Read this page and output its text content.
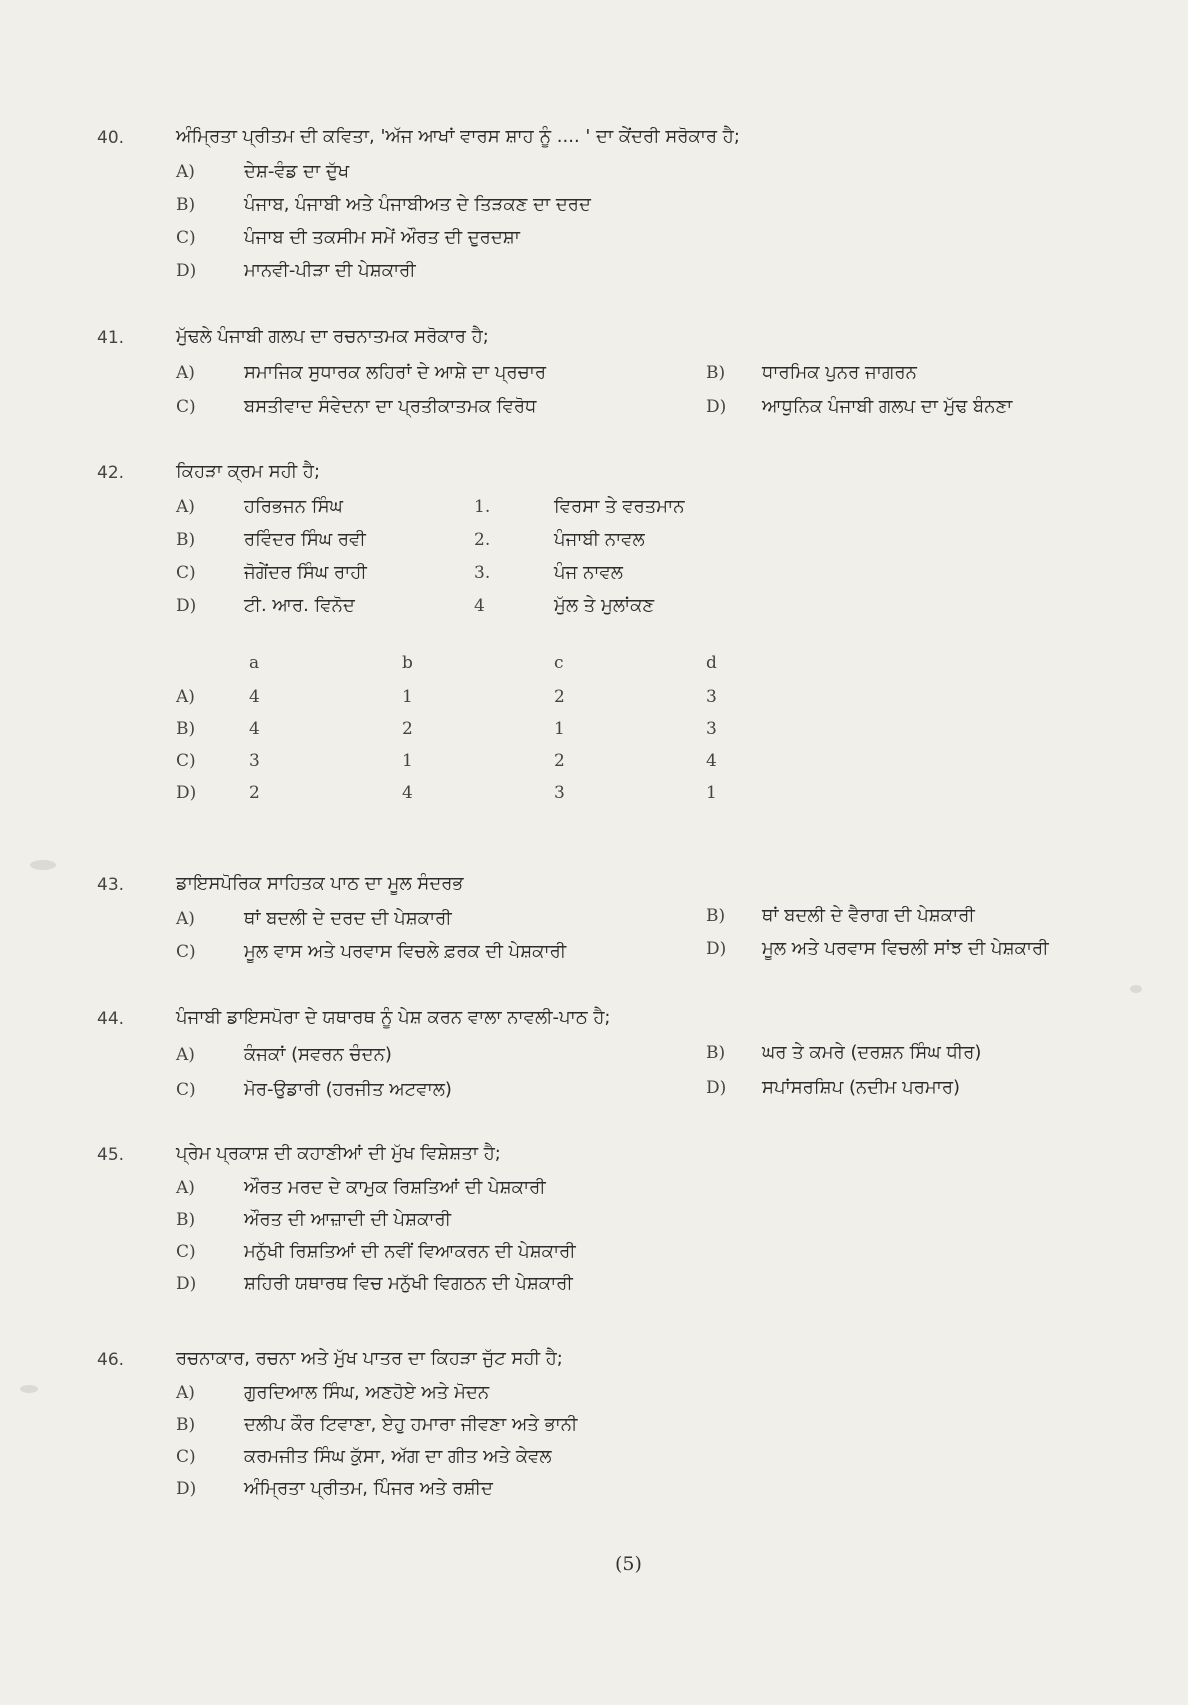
40.	ਅੰਮ੍ਰਿਤਾ ਪ੍ਰੀਤਮ ਦੀ ਕਵਿਤਾ, 'ਅੱਜ ਆਖਾਂ ਵਾਰਸ ਸ਼ਾਹ ਨੂੰ .... ' ਦਾ ਕੇਂਦਰੀ ਸਰੋਕਾਰ ਹੈ;
A)	ਦੇਸ਼-ਵੰਡ ਦਾ ਦੁੱਖ
B)	ਪੰਜਾਬ, ਪੰਜਾਬੀ ਅਤੇ ਪੰਜਾਬੀਅਤ ਦੇ ਤਿੜਕਣ ਦਾ ਦਰਦ
C)	ਪੰਜਾਬ ਦੀ ਤਕਸੀਮ ਸਮੇਂ ਔਰਤ ਦੀ ਦੁਰਦਸ਼ਾ
D)	ਮਾਨਵੀ-ਪੀੜਾ ਦੀ ਪੇਸ਼ਕਾਰੀ
41.	ਮੁੱਢਲੇ ਪੰਜਾਬੀ ਗਲਪ ਦਾ ਰਚਨਾਤਮਕ ਸਰੋਕਾਰ ਹੈ;
A)	ਸਮਾਜਿਕ ਸੁਧਾਰਕ ਲਹਿਰਾਂ ਦੇ ਆਸ਼ੇ ਦਾ ਪ੍ਰਚਾਰ	B) ਧਾਰਮਿਕ ਪੁਨਰ ਜਾਗਰਨ
C)	ਬਸਤੀਵਾਦ ਸੰਵੇਦਨਾ ਦਾ ਪ੍ਰਤੀਕਾਤਮਕ ਵਿਰੋਧ	D) ਆਧੁਨਿਕ ਪੰਜਾਬੀ ਗਲਪ ਦਾ ਮੁੱਢ ਬੰਨਣਾ
42.	ਕਿਹੜਾ ਕ੍ਰਮ ਸਹੀ ਹੈ;
A)	ਹਰਿਭਜਨ ਸਿੰਘ	1.	ਵਿਰਸਾ ਤੇ ਵਰਤਮਾਨ
B)	ਰਵਿੰਦਰ ਸਿੰਘ ਰਵੀ	2.	ਪੰਜਾਬੀ ਨਾਵਲ
C)	ਜੋਗੇਂਦਰ ਸਿੰਘ ਰਾਹੀ	3.	ਪੰਜ ਨਾਵਲ
D)	ਟੀ. ਆਰ. ਵਿਨੋਦ	4	ਮੁੱਲ ਤੇ ਮੁਲਾਂਕਣ
a	b	c	d
A)	4	1	2	3
B)	4	2	1	3
C)	3	1	2	4
D)	2	4	3	1
43.	ਡਾਇਸਪੋਰਿਕ ਸਾਹਿਤਕ ਪਾਠ ਦਾ ਮੂਲ ਸੰਦਰਭ
A)	ਥਾਂ ਬਦਲੀ ਦੇ ਦਰਦ ਦੀ ਪੇਸ਼ਕਾਰੀ	B) ਥਾਂ ਬਦਲੀ ਦੇ ਵੈਰਾਗ ਦੀ ਪੇਸ਼ਕਾਰੀ
C)	ਮੂਲ ਵਾਸ ਅਤੇ ਪਰਵਾਸ ਵਿਚਲੇ ਫ਼ਰਕ ਦੀ ਪੇਸ਼ਕਾਰੀ	D) ਮੂਲ ਅਤੇ ਪਰਵਾਸ ਵਿਚਲੀ ਸਾਂਝ ਦੀ ਪੇਸ਼ਕਾਰੀ
44.	ਪੰਜਾਬੀ ਡਾਇਸਪੋਰਾ ਦੇ ਯਥਾਰਥ ਨੂੰ ਪੇਸ਼ ਕਰਨ ਵਾਲਾ ਨਾਵਲੀ-ਪਾਠ ਹੈ;
A)	ਕੰਜਕਾਂ (ਸਵਰਨ ਚੰਦਨ)	B) ਘਰ ਤੇ ਕਮਰੇ (ਦਰਸ਼ਨ ਸਿੰਘ ਧੀਰ)
C)	ਮੋਰ-ਉਡਾਰੀ (ਹਰਜੀਤ ਅਟਵਾਲ)	D) ਸਪਾਂਸਰਸ਼ਿਪ (ਨਦੀਮ ਪਰਮਾਰ)
45.	ਪ੍ਰੇਮ ਪ੍ਰਕਾਸ਼ ਦੀ ਕਹਾਣੀਆਂ ਦੀ ਮੁੱਖ ਵਿਸ਼ੇਸ਼ਤਾ ਹੈ;
A)	ਔਰਤ ਮਰਦ ਦੇ ਕਾਮੁਕ ਰਿਸ਼ਤਿਆਂ ਦੀ ਪੇਸ਼ਕਾਰੀ
B)	ਔਰਤ ਦੀ ਆਜ਼ਾਦੀ ਦੀ ਪੇਸ਼ਕਾਰੀ
C)	ਮਨੁੱਖੀ ਰਿਸ਼ਤਿਆਂ ਦੀ ਨਵੀਂ ਵਿਆਕਰਨ ਦੀ ਪੇਸ਼ਕਾਰੀ
D)	ਸ਼ਹਿਰੀ ਯਥਾਰਥ ਵਿਚ ਮਨੁੱਖੀ ਵਿਗਠਨ ਦੀ ਪੇਸ਼ਕਾਰੀ
46.	ਰਚਨਾਕਾਰ, ਰਚਨਾ ਅਤੇ ਮੁੱਖ ਪਾਤਰ ਦਾ ਕਿਹੜਾ ਜੁੱਟ ਸਹੀ ਹੈ;
A)	ਗੁਰਦਿਆਲ ਸਿੰਘ, ਅਣਹੋਏ ਅਤੇ ਮੋਦਨ
B)	ਦਲੀਪ ਕੌਰ ਟਿਵਾਣਾ, ਏਹੁ ਹਮਾਰਾ ਜੀਵਣਾ ਅਤੇ ਭਾਨੀ
C)	ਕਰਮਜੀਤ ਸਿੰਘ ਕੁੱਸਾ, ਅੱਗ ਦਾ ਗੀਤ ਅਤੇ ਕੇਵਲ
D)	ਅੰਮ੍ਰਿਤਾ ਪ੍ਰੀਤਮ, ਪਿੰਜਰ ਅਤੇ ਰਸ਼ੀਦ
(5)
